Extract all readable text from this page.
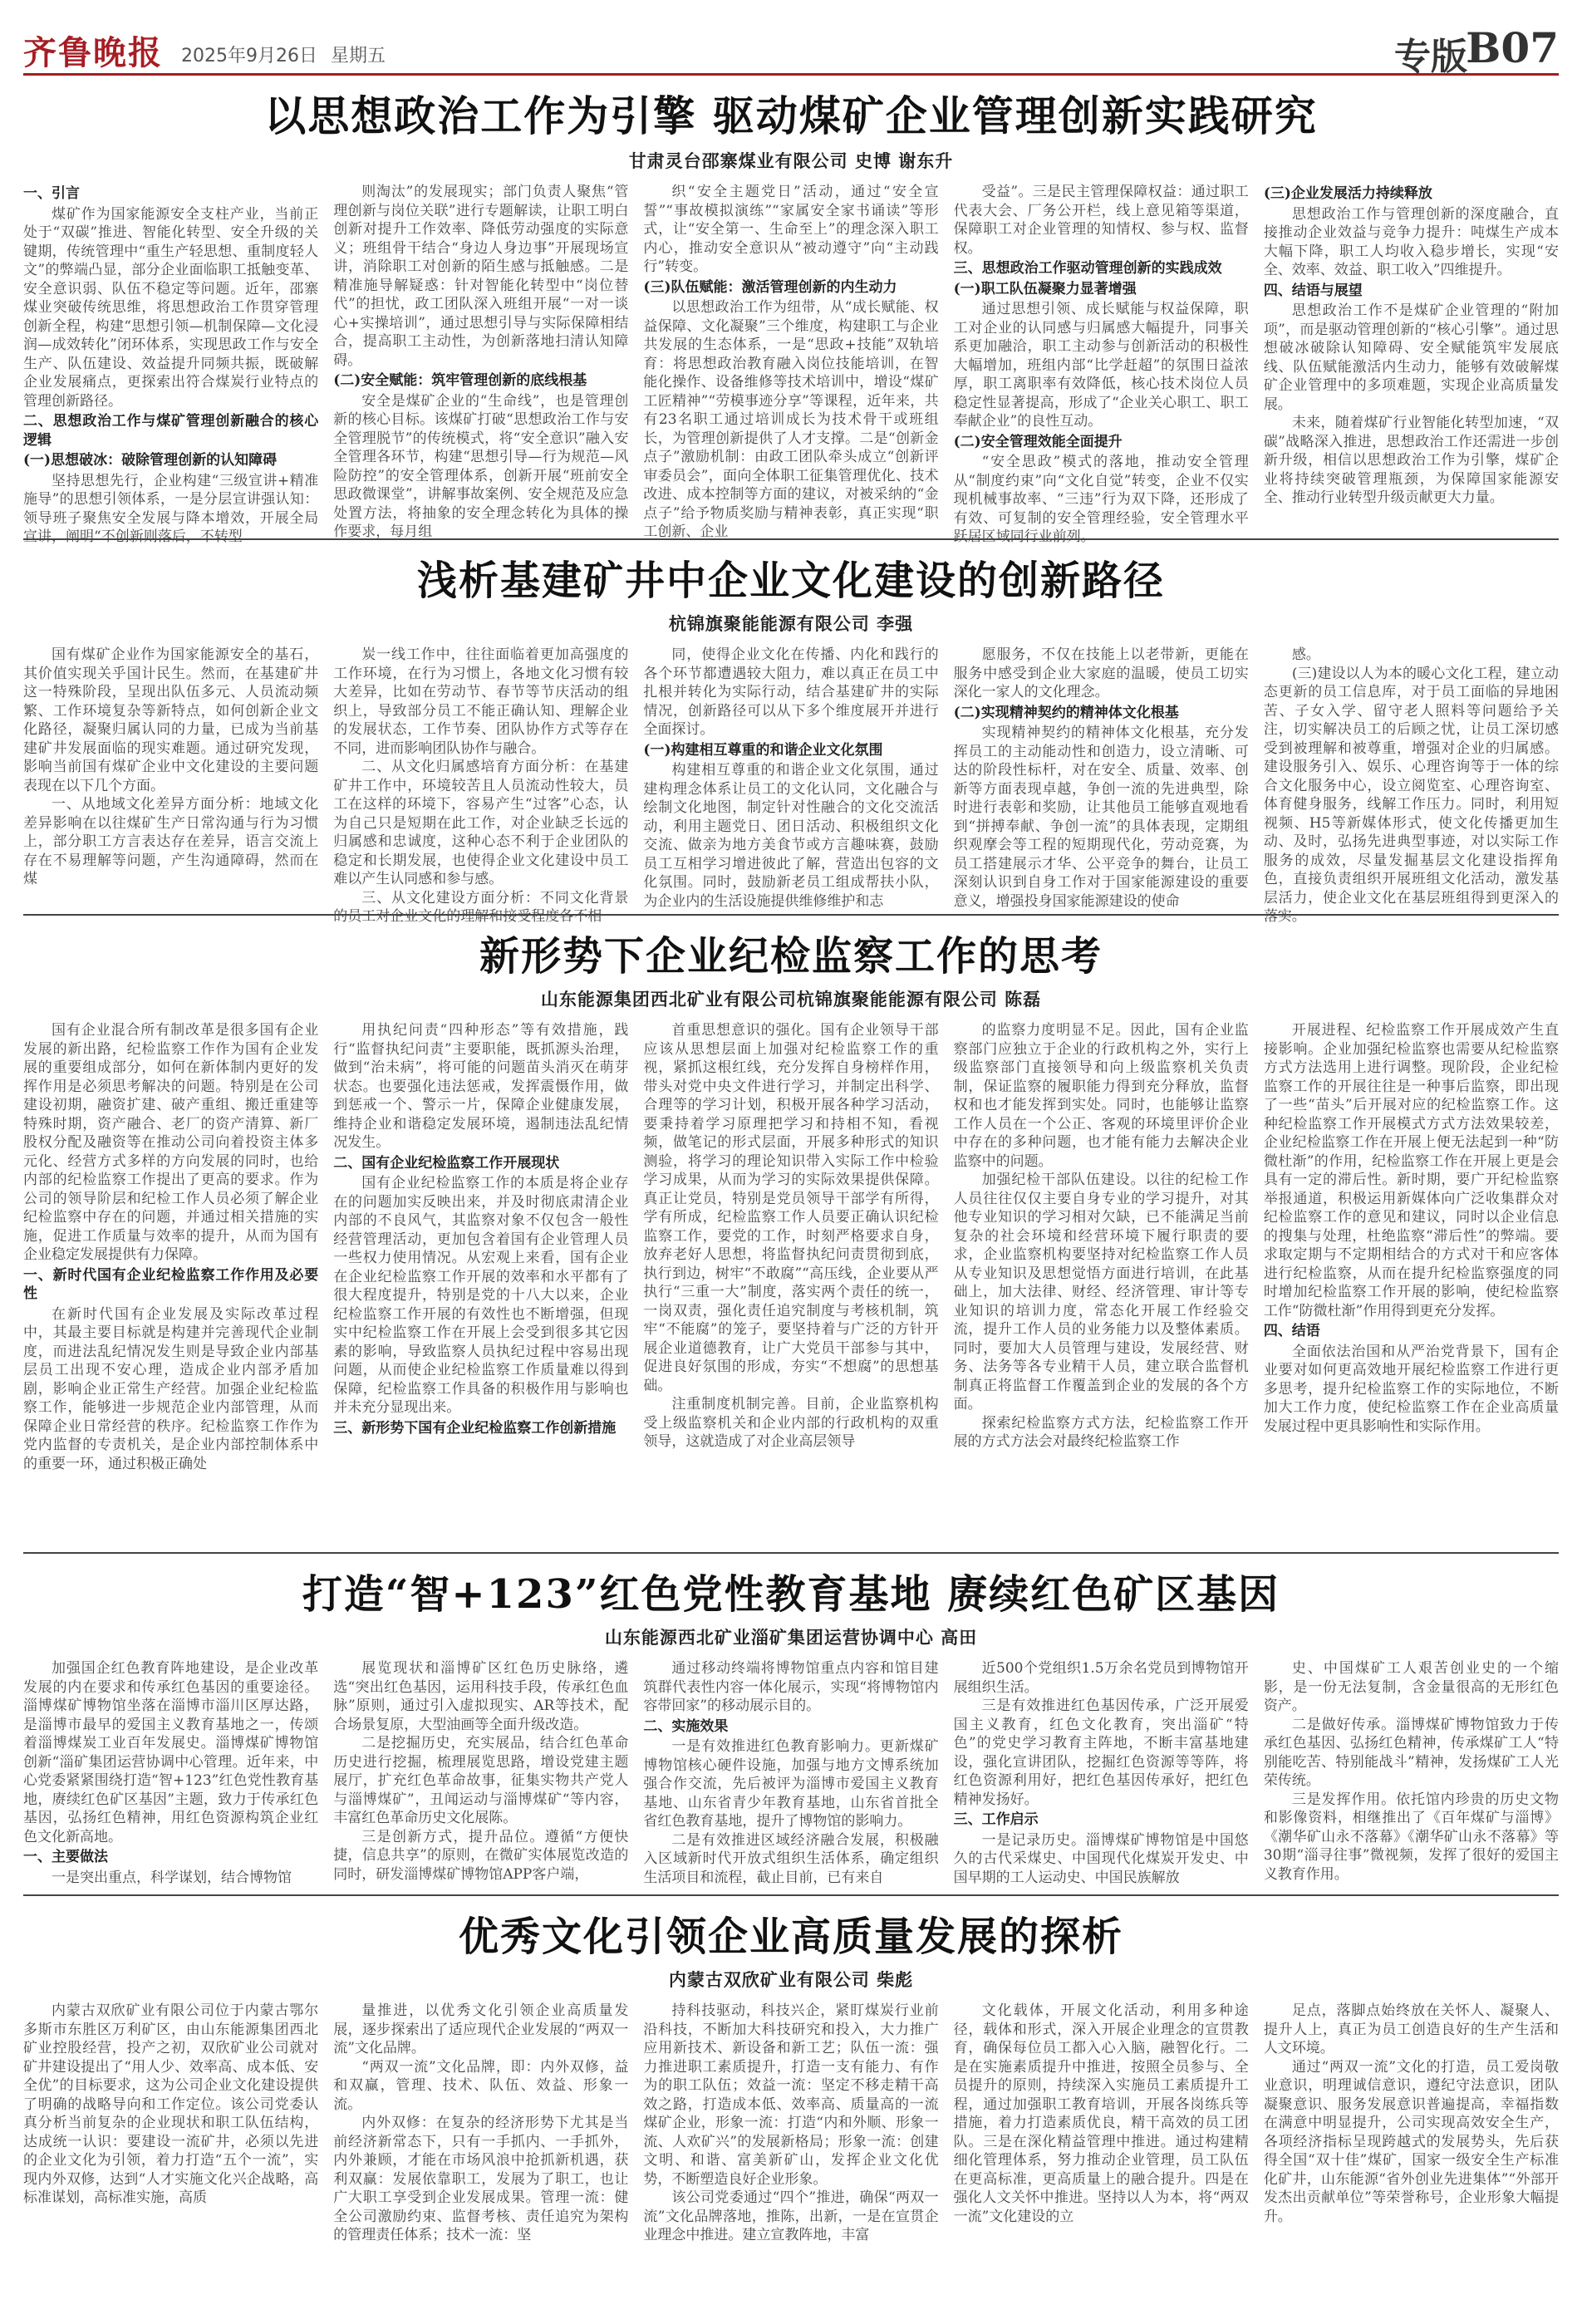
齐鲁晚报 2025年9月26日 星期五	专版
B07
以思想政治工作为引擎 驱动煤矿企业管理创新实践研究
甘肃灵台邵寨煤业有限公司 史博 谢东升
一、引言

煤矿作为国家能源安全支柱产业，当前正处于“双碳”推进、智能化转型、安全升级的关键期，传统管理中“重生产轻思想、重制度轻人文”的弊端凸显，部分企业面临职工抵触变革、安全意识弱、队伍不稳定等问题。近年，邵寨煤业突破传统思维，将思想政治工作贯穿管理创新全程，构建“思想引领—机制保障—文化浸润—成效转化”闭环体系，实现思政工作与安全生产、队伍建设、效益提升同频共振，既破解企业发展痛点，更探索出符合煤炭行业特点的管理创新路径。

二、思想政治工作与煤矿管理创新融合的核心逻辑
(一)思想破冰：破除管理创新的认知障碍

坚持思想先行，企业构建“三级宣讲+精准施导”的思想引领体系，一是分层宣讲强认知：领导班子聚焦安全发展与降本增效，开展全局宣讲，阐明“不创新则落后，不转型

则淘汰”的发展现实；部门负责人聚焦“管理创新与岗位关联”进行专题解读，让职工明白创新对提升工作效率、降低劳动强度的实际意义；班组骨干结合“身边人身边事”开展现场宣讲，消除职工对创新的陌生感与抵触感。二是精准施导解疑惑：针对智能化转型中“岗位替代”的担忧，政工团队深入班组开展“一对一谈心+实操培训”，通过思想引导与实际保障相结合，提高职工主动性，为创新落地扫清认知障碍。

(二)安全赋能：筑牢管理创新的底线根基

安全是煤矿企业的“生命线”，也是管理创新的核心目标。该煤矿打破“思想政治工作与安全管理脱节”的传统模式，将“安全意识”融入安全管理各环节，构建“思想引导—行为规范—风险防控”的安全管理体系，创新开展“班前安全思政微课堂”，讲解事故案例、安全规范及应急处置方法，将抽象的安全理念转化为具体的操作要求，每月组

织“安全主题党日”活动，通过“安全宣誓”“事故模拟演练”“家属安全家书诵读”等形式，让“安全第一、生命至上”的理念深入职工内心，推动安全意识从“被动遵守”向“主动践行”转变。

(三)队伍赋能：激活管理创新的内生动力

以思想政治工作为纽带，从“成长赋能、权益保障、文化凝聚”三个维度，构建职工与企业共发展的生态体系，一是“思政+技能”双轨培育：将思想政治教育融入岗位技能培训，在智能化操作、设备维修等技术培训中，增设“煤矿工匠精神”“劳模事迹分享”等课程，近年来，共有23名职工通过培训成长为技术骨干或班组长，为管理创新提供了人才支撑。二是“创新金点子”激励机制：由政工团队牵头成立“创新评审委员会”，面向全体职工征集管理优化、技术改进、成本控制等方面的建议，对被采纳的“金点子”给予物质奖励与精神表彰，真正实现“职工创新、企业

受益”。三是民主管理保障权益：通过职工代表大会、厂务公开栏，线上意见箱等渠道，保障职工对企业管理的知情权、参与权、监督权。

三、思想政治工作驱动管理创新的实践成效
(一)职工队伍凝聚力显著增强

通过思想引领、成长赋能与权益保障，职工对企业的认同感与归属感大幅提升，同事关系更加融洽，职工主动参与创新活动的积极性大幅增加，班组内部“比学赶超”的氛围日益浓厚，职工离职率有效降低，核心技术岗位人员稳定性显著提高，形成了“企业关心职工、职工奉献企业”的良性互动。

(二)安全管理效能全面提升

“安全思政”模式的落地，推动安全管理从“制度约束”向“文化自觉”转变，企业不仅实现机械事故率、“三违”行为双下降，还形成了有效、可复制的安全管理经验，安全管理水平跃居区域同行业前列。

(三)企业发展活力持续释放

思想政治工作与管理创新的深度融合，直接推动企业效益与竞争力提升：吨煤生产成本大幅下降，职工人均收入稳步增长，实现“安全、效率、效益、职工收入”四维提升。

四、结语与展望

思想政治工作不是煤矿企业管理的“附加项”，而是驱动管理创新的“核心引擎”。通过思想破冰破除认知障碍、安全赋能筑牢发展底线、队伍赋能激活内生动力，能够有效破解煤矿企业管理中的多项难题，实现企业高质量发展。

未来，随着煤矿行业智能化转型加速，“双碳”战略深入推进，思想政治工作还需进一步创新升级，相信以思想政治工作为引擎，煤矿企业将持续突破管理瓶颈，为保障国家能源安全、推动行业转型升级贡献更大力量。

浅析基建矿井中企业文化建设的创新路径
杭锦旗聚能能源有限公司 李强

国有煤矿企业作为国家能源安全的基石，其价值实现关乎国计民生。然而，在基建矿井这一特殊阶段，呈现出队伍多元、人员流动频繁、工作环境复杂等新特点，如何创新企业文化路径，凝聚归属认同的力量，已成为当前基建矿井发展面临的现实难题。通过研究发现，影响当前国有煤矿企业中文化建设的主要问题表现在以下几个方面。

一、从地域文化差异方面分析：地域文化差异影响在以往煤矿生产日常沟通与行为习惯上，部分职工方言表达存在差异，语言交流上存在不易理解等问题，产生沟通障碍，然而在煤

炭一线工作中，往往面临着更加高强度的工作环境，在行为习惯上，各地文化习惯有较大差异，比如在劳动节、春节等节庆活动的组织上，导致部分员工不能正确认知、理解企业的发展状态，工作节奏、团队协作方式等存在不同，进而影响团队协作与融合。

二、从文化归属感培育方面分析：在基建矿井工作中，环境较苦且人员流动性较大，员工在这样的环境下，容易产生“过客”心态，认为自己只是短期在此工作，对企业缺乏长远的归属感和忠诚度，这种心态不利于企业团队的稳定和长期发展，也使得企业文化建设中员工难以产生认同感和参与感。

三、从文化建设方面分析：不同文化背景的员工对企业文化的理解和接受程度各不相

同，使得企业文化在传播、内化和践行的各个环节都遭遇较大阻力，难以真正在员工中扎根并转化为实际行动，结合基建矿井的实际情况，创新路径可以从下多个维度展开并进行全面探讨。

(一)构建相互尊重的和谐企业文化氛围

构建相互尊重的和谐企业文化氛围，通过建构理念体系让员工的文化认同，文化融合与绘制文化地图，制定针对性融合的文化交流活动，利用主题党日、团日活动、积极组织文化交流、做亲为地方美食节或方言趣味赛，鼓励员工互相学习增进彼此了解，营造出包容的文化氛围。同时，鼓励新老员工组成帮扶小队，为企业内的生活设施提供维修维护和志

愿服务，不仅在技能上以老带新，更能在服务中感受到企业大家庭的温暖，使员工切实深化一家人的文化理念。

(二)实现精神契约的精神体文化根基

实现精神契约的精神体文化根基，充分发挥员工的主动能动性和创造力，设立清晰、可达的阶段性标杆，对在安全、质量、效率、创新等方面表现卓越，争创一流的先进典型，除时进行表彰和奖励，让其他员工能够直观地看到“拼搏奉献、争创一流”的具体表现，定期组织观摩会等工程的短期现代化，劳动竞赛，为员工搭建展示才华、公平竞争的舞台，让员工深刻认识到自身工作对于国家能源建设的重要意义，增强投身国家能源建设的使命

感。

(三)建设以人为本的暖心文化工程，建立动态更新的员工信息库，对于员工面临的异地困苦、子女入学、留守老人照料等问题给予关注，切实解决员工的后顾之忧，让员工深切感受到被理解和被尊重，增强对企业的归属感。建设服务引入、娱乐、心理咨询等于一体的综合文化服务中心，设立阅览室、心理咨询室、体育健身服务，线解工作压力。同时，利用短视频、H5等新媒体形式，使文化传播更加生动、及时，弘扬先进典型事迹，对以实际工作服务的成效，尽量发掘基层文化建设指挥角色，直接负责组织开展班组文化活动，激发基层活力，使企业文化在基层班组得到更深入的落实。

新形势下企业纪检监察工作的思考
山东能源集团西北矿业有限公司杭锦旗聚能能源有限公司 陈磊

国有企业混合所有制改革是很多国有企业发展的新出路，纪检监察工作作为国有企业发展的重要组成部分，如何在新体制内更好的发挥作用是必须思考解决的问题。特别是在公司建设初期，融资扩建、破产重组、搬迁重建等特殊时期，资产融合、老厂的资产清算、新厂股权分配及融资等在推动公司向着投资主体多元化、经营方式多样的方向发展的同时，也给内部的纪检监察工作提出了更高的要求。作为公司的领导阶层和纪检工作人员必须了解企业纪检监察中存在的问题，并通过相关措施的实施，促进工作质量与效率的提升，从而为国有企业稳定发展提供有力保障。

一、新时代国有企业纪检监察工作作用及必要性

在新时代国有企业发展及实际改革过程中，其最主要目标就是构建并完善现代企业制度，而进法乱纪情况发生则是导致企业内部基层员工出现不安心理，造成企业内部矛盾加剧，影响企业正常生产经营。加强企业纪检监察工作，能够进一步规范企业内部管理，从而保障企业日常经营的秩序。纪检监察工作作为党内监督的专责机关，是企业内部控制体系中的重要一环，通过积极正确处

用执纪问责“四种形态”等有效措施，践行“监督执纪问责”主要职能，既抓源头治理，做到“治未病”，将可能的问题苗头消灭在萌芽状态。也要强化违法惩戒，发挥震慑作用，做到惩戒一个、警示一片，保障企业健康发展，维持企业和谐稳定发展环境，遏制违法乱纪情况发生。

二、国有企业纪检监察工作开展现状

国有企业纪检监察工作的本质是将企业存在的问题加实反映出来，并及时彻底肃清企业内部的不良风气，其监察对象不仅包含一般性经营管理活动，更加包含着国有企业管理人员一些权力使用情况。从宏观上来看，国有企业在企业纪检监察工作开展的效率和水平都有了很大程度提升，特别是党的十八大以来，企业纪检监察工作开展的有效性也不断增强，但现实中纪检监察工作在开展上会受到很多其它因素的影响，导致监察人员执纪过程中容易出现问题，从而使企业纪检监察工作质量难以得到保障，纪检监察工作具备的积极作用与影响也并未充分显现出来。

三、新形势下国有企业纪检监察工作创新措施

首重思想意识的强化。国有企业领导干部应该从思想层面上加强对纪检监察工作的重视，紧抓这根红线，充分发挥自身榜样作用，带头对党中央文件进行学习，并制定出科学、合理等的学习计划，积极开展各种学习活动，要秉持着学习原理把学习和持相不知，看视频，做笔记的形式层面，开展多种形式的知识测验，将学习的理论知识带入实际工作中检验学习成果，从而为学习的实际效果提供保障。真正让党员，特别是党员领导干部学有所得，学有所成，纪检监察工作人员要正确认识纪检监察工作，要党的工作，时刻严格要求自身，放弃老好人思想，将监督执纪问责贯彻到底，执行到边，树牢“不敢腐”“高压线，企业要从严执行“三重一大”制度，落实两个责任的统一，一岗双责，强化责任追究制度与考核机制，筑牢“不能腐”的笼子，要坚持着与广泛的方针开展企业道德教育，让广大党员干部参与其中，促进良好氛围的形成，夯实“不想腐”的思想基础。

注重制度机制完善。目前，企业监察机构受上级监察机关和企业内部的行政机构的双重领导，这就造成了对企业高层领导

的监察力度明显不足。因此，国有企业监察部门应独立于企业的行政机构之外，实行上级监察部门直接领导和向上级监察机关负责制，保证监察的履职能力得到充分释放，监督权和也才能发挥到实处。同时，也能够让监察工作人员在一个公正、客观的环境里评价企业中存在的多种问题，也才能有能力去解决企业监察中的问题。

加强纪检干部队伍建设。以往的纪检工作人员往往仅仅主要自身专业的学习提升，对其他专业知识的学习相对欠缺，已不能满足当前复杂的社会环境和经营环境下履行职责的要求，企业监察机构要坚持对纪检监察工作人员从专业知识及思想觉悟方面进行培训，在此基础上，加大法律、财经、经济管理、审计等专业知识的培训力度，常态化开展工作经验交流，提升工作人员的业务能力以及整体素质。同时，要加大人员管理与建设，发展经营、财务、法务等各专业精干人员，建立联合监督机制真正将监督工作覆盖到企业的发展的各个方面。

探索纪检监察方式方法，纪检监察工作开展的方式方法会对最终纪检监察工作

开展进程、纪检监察工作开展成效产生直接影响。企业加强纪检监察也需要从纪检监察方式方法选用上进行调整。现阶段，企业纪检监察工作的开展往往是一种事后监察，即出现了一些“苗头”后开展对应的纪检监察工作。这种纪检监察工作开展模式方式方法效果较差，企业纪检监察工作在开展上便无法起到一种“防微杜渐”的作用，纪检监察工作在开展上更是会具有一定的滞后性。新时期，要广开纪检监察举报通道，积极运用新媒体向广泛收集群众对纪检监察工作的意见和建议，同时以企业信息的搜集与处理，杜绝监察“滞后性”的弊端。要求取定期与不定期相结合的方式对干和应客体进行纪检监察，从而在提升纪检监察强度的同时增加纪检监察工作开展的影响，使纪检监察工作“防微杜渐”作用得到更充分发挥。

四、结语

全面依法治国和从严治党背景下，国有企业要对如何更高效地开展纪检监察工作进行更多思考，提升纪检监察工作的实际地位，不断加大工作力度，使纪检监察工作在企业高质量发展过程中更具影响性和实际作用。

打造“智+123”红色党性教育基地 赓续红色矿区基因
山东能源西北矿业淄矿集团运营协调中心 高田

加强国企红色教育阵地建设，是企业改革发展的内在要求和传承红色基因的重要途径。淄博煤矿博物馆坐落在淄博市淄川区厚达路，是淄博市最早的爱国主义教育基地之一，传颂着淄博煤炭工业百年发展史。淄博煤矿博物馆创新“淄矿集团运营协调中心管理。近年来，中心党委紧紧围绕打造“智+123”红色党性教育基地，赓续红色矿区基因”主题，致力于传承红色基因，弘扬红色精神，用红色资源构筑企业红色文化新高地。

一、主要做法

一是突出重点，科学谋划，结合博物馆

展览现状和淄博矿区红色历史脉络，遴选“突出红色基因，运用科技手段，传承红色血脉”原则，通过引入虚拟现实、AR等技术，配合场景复原，大型油画等全面升级改造。

二是挖掘历史，充实展品，结合红色革命历史进行挖掘，梳理展览思路，增设党建主题展厅，扩充红色革命故事，征集实物共产党人与淄博煤矿”，丑闻运动与淄博煤矿“等内容，丰富红色革命历史文化展陈。

三是创新方式，提升品位。遵循“方便快捷，信息共享”的原则，在微矿实体展览改造的同时，研发淄博煤矿博物馆APP客户端，

通过移动终端将博物馆重点内容和馆目建筑群代表性内容一体化展示，实现“将博物馆内容带回家”的移动展示目的。

二、实施效果

一是有效推进红色教育影响力。更新煤矿博物馆核心硬件设施，加强与地方文博系统加强合作交流，先后被评为淄博市爱国主义教育基地、山东省青少年教育基地，山东省首批全省红色教育基地，提升了博物馆的影响力。

二是有效推进区域经济融合发展，积极融入区域新时代开放式组织生活体系，确定组织生活项目和流程，截止目前，已有来自

近500个党组织1.5万余名党员到博物馆开展组织生活。

三是有效推进红色基因传承，广泛开展爱国主义教育，红色文化教育，突出淄矿“特色”的党史学习教育主阵地，不断丰富基地建设，强化宣讲团队，挖掘红色资源等等阵，将红色资源利用好，把红色基因传承好，把红色精神发扬好。

三、工作启示

一是记录历史。淄博煤矿博物馆是中国悠久的古代采煤史、中国现代化煤炭开发史、中国早期的工人运动史、中国民族解放

史、中国煤矿工人艰苦创业史的一个缩影，是一份无法复制，含金量很高的无形红色资产。

二是做好传承。淄博煤矿博物馆致力于传承红色基因、弘扬红色精神，传承煤矿工人“特别能吃苦、特别能战斗”精神，发扬煤矿工人光荣传统。

三是发挥作用。依托馆内珍贵的历史文物和影像资料，相继推出了《百年煤矿与淄博》《潮华矿山永不落幕》《潮华矿山永不落幕》等30期“淄寻往事”微视频，发挥了很好的爱国主义教育作用。

优秀文化引领企业高质量发展的探析
内蒙古双欣矿业有限公司 柴彪

内蒙古双欣矿业有限公司位于内蒙古鄂尔多斯市东胜区万利矿区，由山东能源集团西北矿业控股经营，投产之初，双欣矿业公司就对矿井建设提出了“用人少、效率高、成本低、安全优”的目标要求，这为公司企业文化建设提供了明确的战略导向和工作定位。该公司党委认真分析当前复杂的企业现状和职工队伍结构，达成统一认识：要建设一流矿井，必须以先进的企业文化为引领，着力打造“五个一流”，实现内外双修，达到“人才实施文化兴企战略，高标准谋划，高标准实施，高质

量推进，以优秀文化引领企业高质量发展，逐步探索出了适应现代企业发展的“两双一流”文化品牌。

“两双一流”文化品牌，即：内外双修，益和双赢，管理、技术、队伍、效益、形象一流。

内外双修：在复杂的经济形势下尤其是当前经济新常态下，只有一手抓内、一手抓外，内外兼顾，才能在市场风浪中抢抓新机遇，获利双赢：发展依靠职工，发展为了职工，也让广大职工享受到企业发展成果。管理一流：健全公司激励约束、监督考核、责任追究为架构的管理责任体系；技术一流：坚

持科技驱动，科技兴企，紧盯煤炭行业前沿科技，不断加大科技研究和投入，大力推广应用新技术、新设备和新工艺；队伍一流：强力推进职工素质提升，打造一支有能力、有作为的职工队伍；效益一流：坚定不移走精干高效之路，打造成本低、效率高、质量高的一流煤矿企业，形象一流：打造“内和外顺、形象一流、人欢矿兴”的发展新格局；形象一流：创建文明、和谐、富美新矿山，发挥企业文化优势，不断塑造良好企业形象。

该公司党委通过“四个”推进，确保“两双一流”文化品牌落地，推陈，出新，一是在宣贯企业理念中推进。建立宣教阵地，丰富

文化载体，开展文化活动，利用多种途径，载体和形式，深入开展企业理念的宣贯教育，确保每位员工都入心入脑，融智化行。二是在实施素质提升中推进，按照全员参与、全员提升的原则，持续深入实施员工素质提升工程，通过加强职工教育培训，开展各岗练兵等措施，着力打造素质优良，精干高效的员工团队。三是在深化精益管理中推进。通过构建精细化管理体系，努力推动企业管理，员工队伍在更高标准，更高质量上的融合提升。四是在强化人文关怀中推进。坚持以人为本，将“两双一流”文化建设的立

足点，落脚点始终放在关怀人、凝聚人、提升人上，真正为员工创造良好的生产生活和人文环境。

通过“两双一流”文化的打造，员工爱岗敬业意识，明理诚信意识，遵纪守法意识，团队凝聚意识、服务发展意识普遍提高，幸福指数在满意中明显提升，公司实现高效安全生产，各项经济指标呈现跨越式的发展势头，先后获得全国“双十佳”煤矿，国家一级安全生产标准化矿井，山东能源“省外创业先进集体”“外部开发杰出贡献单位”等荣誉称号，企业形象大幅提升。
